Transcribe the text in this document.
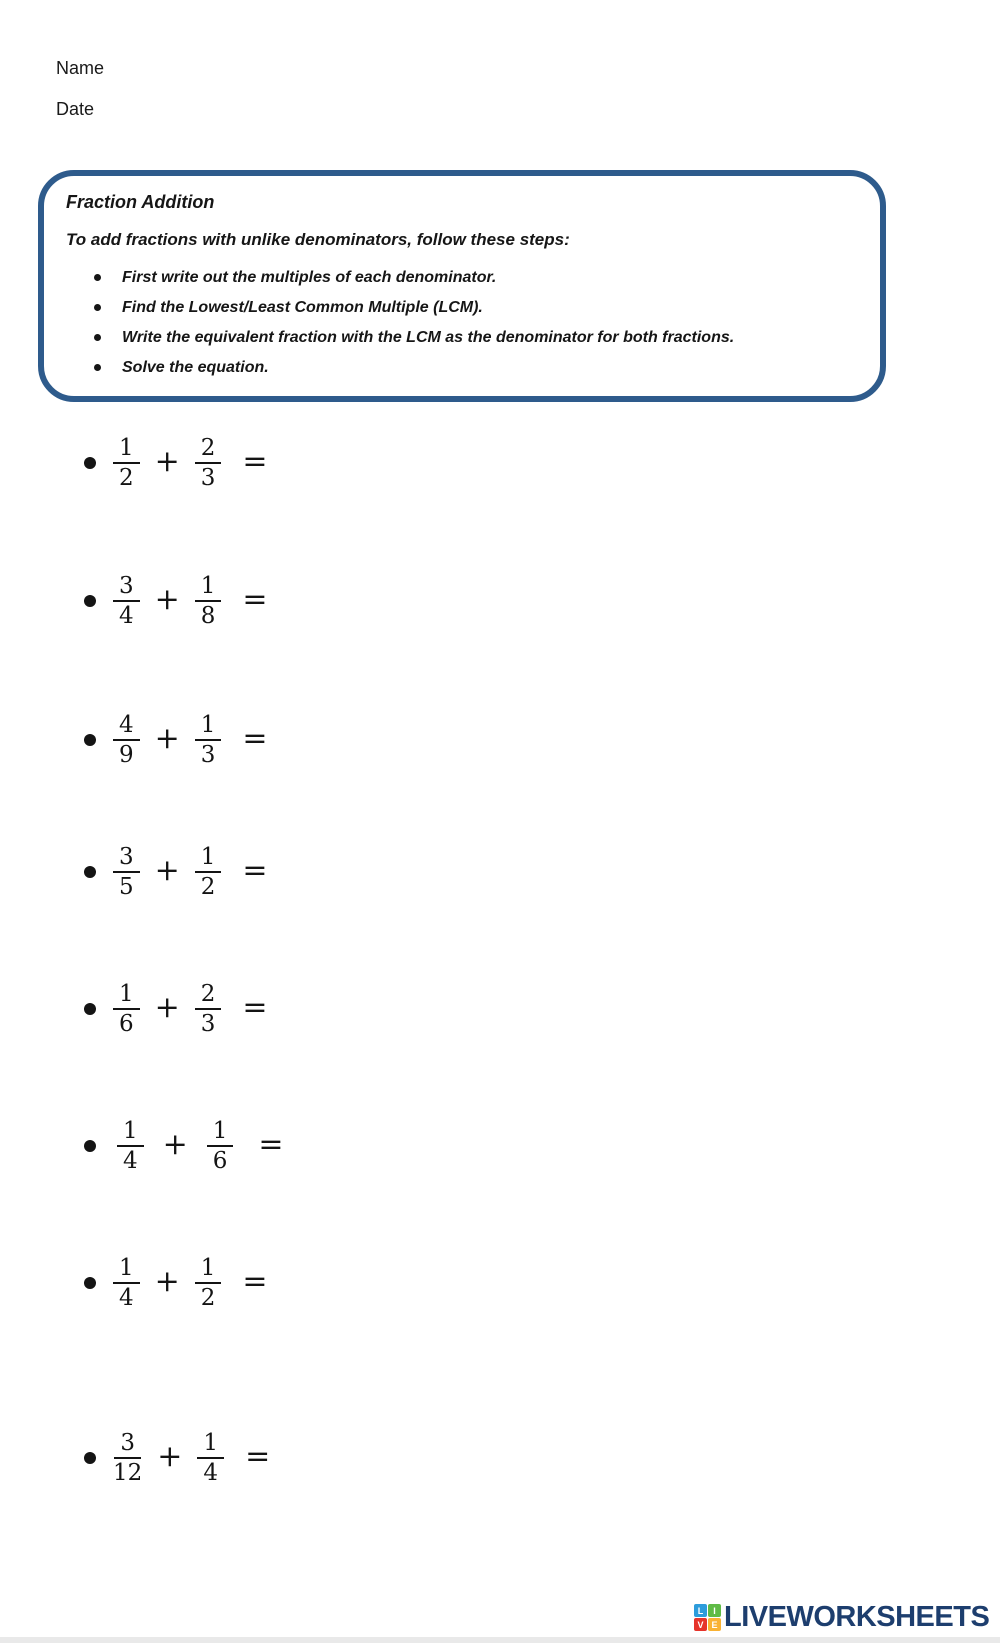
Name
Date
Fraction Addition
To add fractions with unlike denominators, follow these steps:
First write out the multiples of each denominator.
Find the Lowest/Least Common Multiple (LCM).
Write the equivalent fraction with the LCM as the denominator for both fractions.
Solve the equation.
$\frac{1}{2} + \frac{2}{3}$ =
$\frac{3}{4} + \frac{1}{8}$ =
$\frac{4}{9} + \frac{1}{3}$ =
$\frac{3}{5} + \frac{1}{2}$ =
$\frac{1}{6} + \frac{2}{3}$ =
$\frac{1}{4} + \frac{1}{6}$ =
$\frac{1}{4} + \frac{1}{2}$ =
$\frac{3}{12} + \frac{1}{4}$ =
L	I
V E LIVEWORKSHEETS
